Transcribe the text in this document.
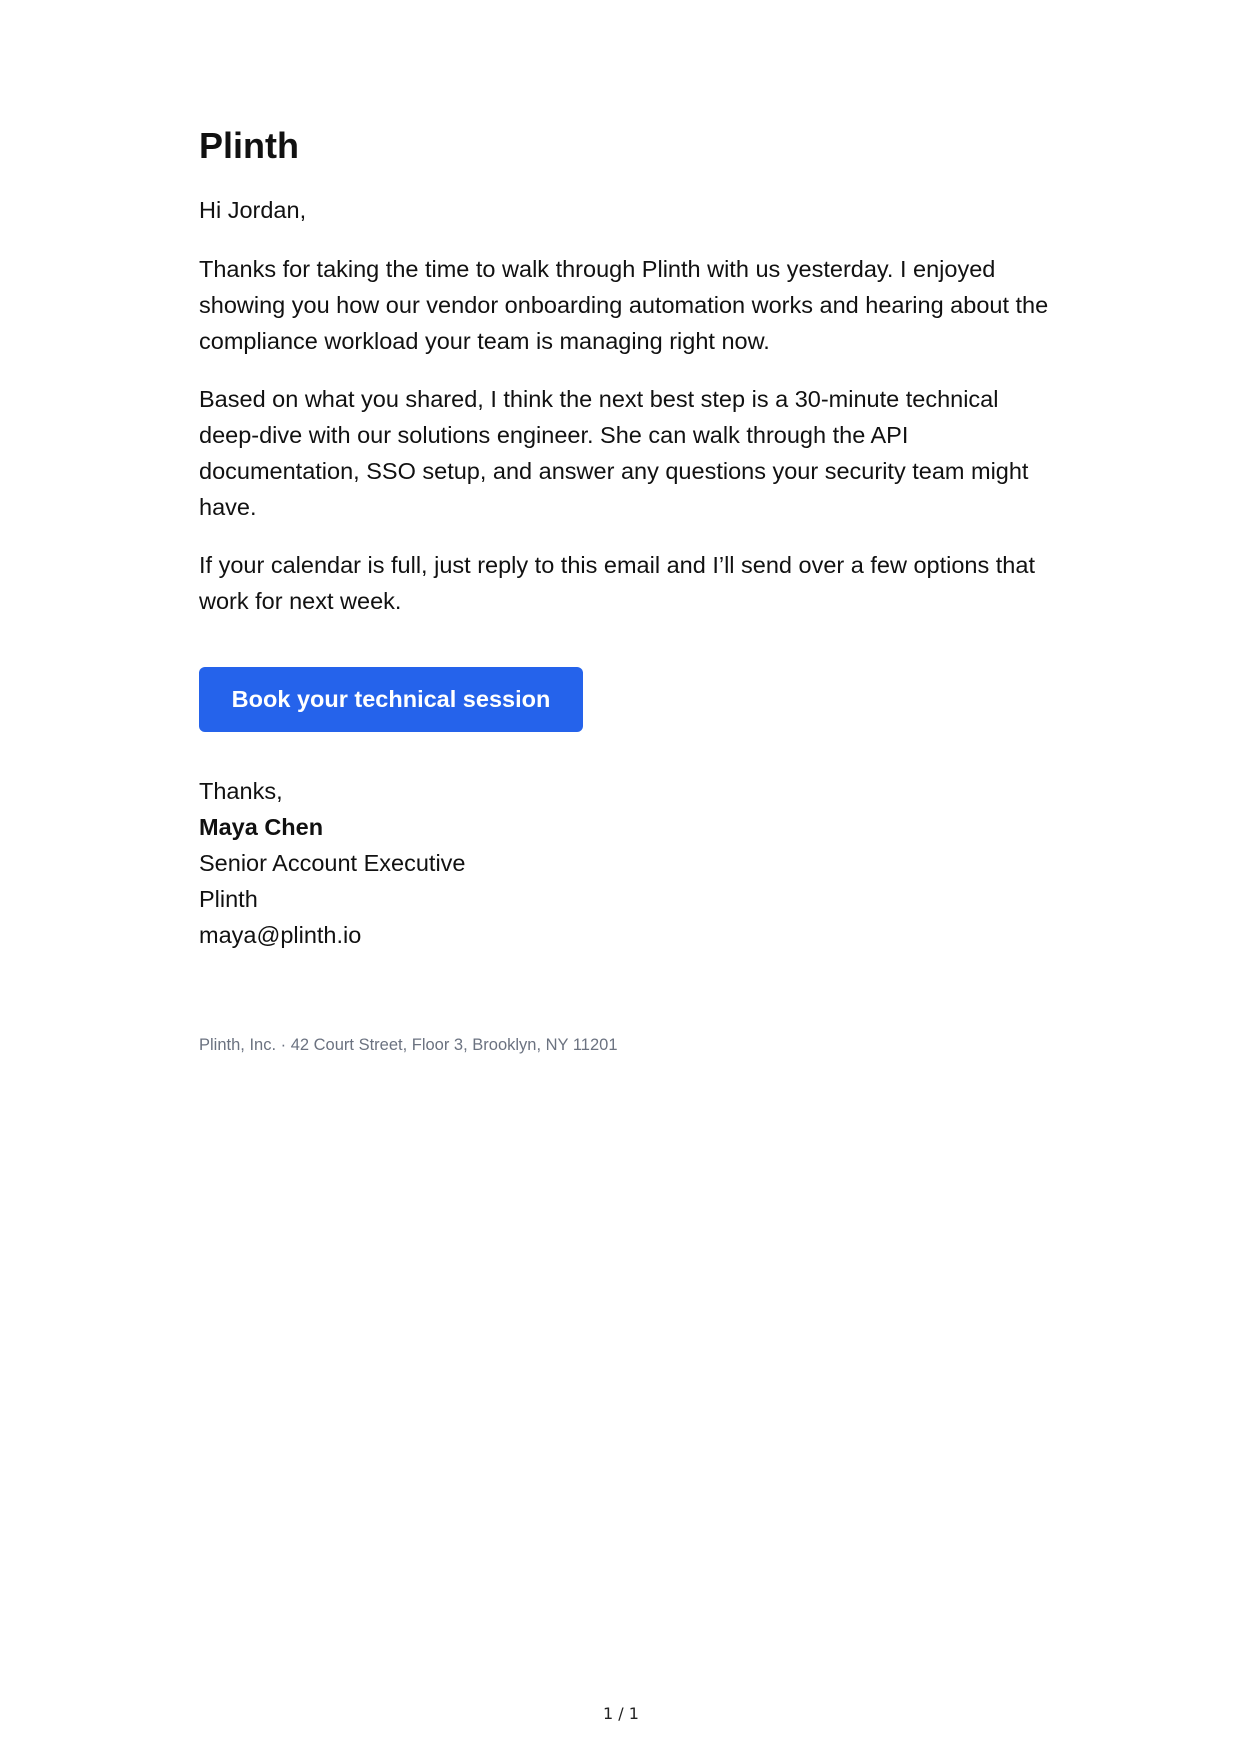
Plinth

Hi Jordan,

Thanks for taking the time to walk through Plinth with us yesterday. I enjoyed showing you how our vendor onboarding automation works and hearing about the compliance workload your team is managing right now.

Based on what you shared, I think the next best step is a 30-minute technical deep-dive with our solutions engineer. She can walk through the API documentation, SSO setup, and answer any questions your security team might have.

If your calendar is full, just reply to this email and I’ll send over a few options that work for next week.

Book your technical session

Thanks,

Maya Chen

Senior Account Executive

Plinth

maya@plinth.io

Plinth, Inc. · 42 Court Street, Floor 3, Brooklyn, NY 11201

1 / 1
